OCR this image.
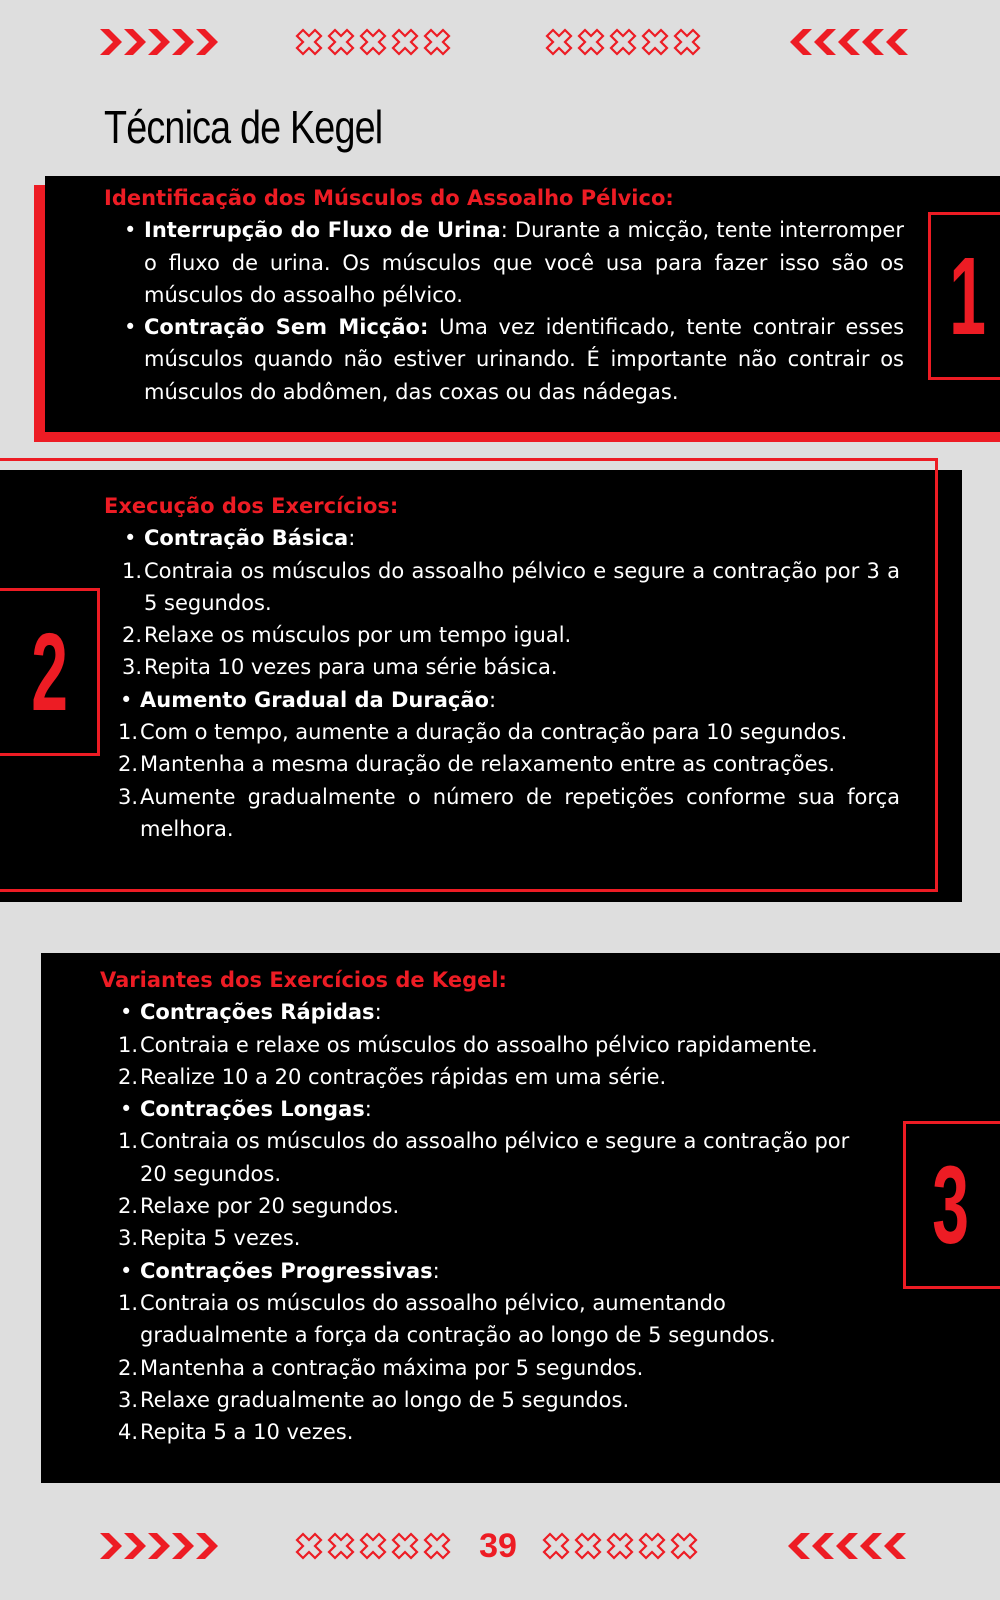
Técnica de Kegel
1

Identificação dos Músculos do Assoalho Pélvico:

• Interrupção do Fluxo de Urina: Durante a micção, tente interromper o fluxo de urina. Os músculos que você usa para fazer isso são os músculos do assoalho pélvico.
• Contração Sem Micção: Uma vez identificado, tente contrair esses músculos quando não estiver urinando. É importante não contrair os músculos do abdômen, das coxas ou das nádegas.
2

Execução dos Exercícios:

• Contração Básica:
1. Contraia os músculos do assoalho pélvico e segure a contração por 3 a 5 segundos.
2. Relaxe os músculos por um tempo igual.
3. Repita 10 vezes para uma série básica.
• Aumento Gradual da Duração:
1. Com o tempo, aumente a duração da contração para 10 segundos.
2. Mantenha a mesma duração de relaxamento entre as contrações.
3. Aumente gradualmente o número de repetições conforme sua força melhora.
3

Variantes dos Exercícios de Kegel:

• Contrações Rápidas:
1. Contraia e relaxe os músculos do assoalho pélvico rapidamente.
2. Realize 10 a 20 contrações rápidas em uma série.
• Contrações Longas:
1. Contraia os músculos do assoalho pélvico e segure a contração por 20 segundos.
2. Relaxe por 20 segundos.
3. Repita 5 vezes.
• Contrações Progressivas:
1. Contraia os músculos do assoalho pélvico, aumentando gradualmente a força da contração ao longo de 5 segundos.
2. Mantenha a contração máxima por 5 segundos.
3. Relaxe gradualmente ao longo de 5 segundos.
4. Repita 5 a 10 vezes.
39
